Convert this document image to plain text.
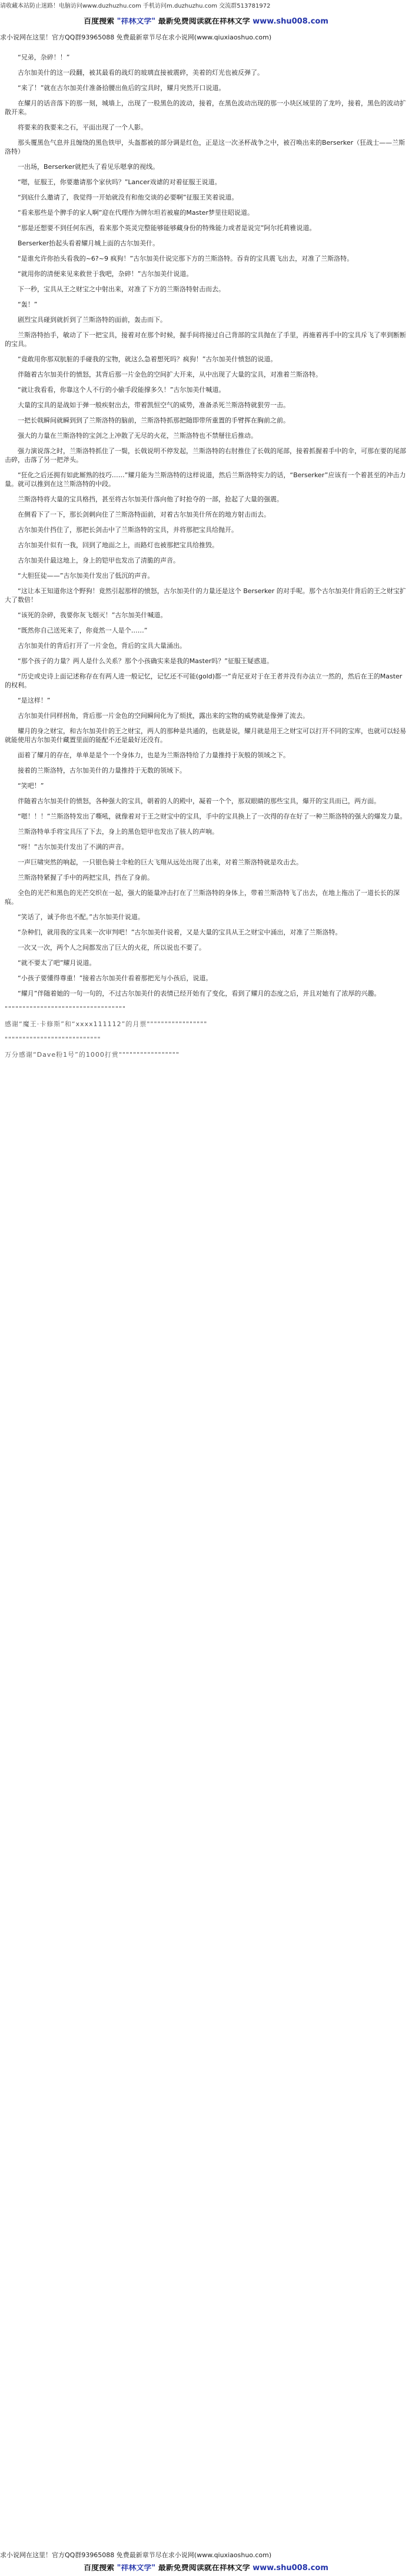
请收藏本站防止迷路！电脑访问www.duzhuzhu.com 手机访问m.duzhuzhu.com 交流群513781972
百度搜索 "祥林文学" 最新免费阅读就在祥林文学 www.shu008.com
求小说网在这里！官方QQ群93965088 免费最新章节尽在求小说网(www.qiuxiaoshuo.com)

“兄弟，杂碎！！”

古尔加美什的这一段翻，被其最看的战灯的玻璃直接被震碎，美着的灯光也被反弹了。

“来了！”就在古尔加美什准备拾腰出鱼后的宝具时，耀月突然开口说道。

在耀月的话音落下的那一刻，城墙上，出现了一股黑色的波动，接着，在黑色波动出现的那一小块区域里的了龙吟，接着，黑色的波动扩散开来。

将要来的我要来之石，平面出现了一个人影。

那头覆黑色气息并且缠绕的黑色铁甲，头盔都被的部分调是红色，正是这一次圣杯战争之中，被召唤出来的Berserker（狂战士——兰斯洛特）

一出场，Berserker就把头了看见乐嗯拿的视线。

“嗯，征服王，你要邀请那个家伙吗？”Lancer戏谑的对着征服王说道。

“到底什么邀请了，我觉得一开始就没有和他交谈的必要啊”征服王笑着说道。

“看来那些是个脾手的家人啊”迎在代理作为牌尔坦若被雇的Master梦里往昭说道。

“那是还想要不到任何东西，看来那个英灵完整能够能够藏身份的特殊能力或者是说完”阿尔托莉雅说道。

Berserker抬起头看着耀月城上面的古尔加美什。

“是谁允许你抬头看我的~6?~9 疯狗！”古尔加美什说完那下方的兰斯洛特。吞肯的宝具震飞出去，对准了兰斯洛特。

“就用你的清便来见来救世于我吧，杂碎！”古尔加美什说道。

下一秒，宝具从王之财宝之中射出来，对准了下方的兰斯洛特射击而去。

“轰！”

剧烈宝具碰到就折到了兰斯洛特的面前，轰击而下。

兰斯洛特抬手，敏动了下一把宝具，接着对在那个时候，握手间将接过自己背部的宝具抛在了手里，再施着再手中的宝具斥飞了率到断断的宝具。

“竟敢用你那双肮脏的手碰我的宝物，就这么急着想死吗？疯狗！”古尔加美什愤怒的说道。

伴随着古尔加美什的愤怒，其背后那一片金色的空间扩大开来，从中出现了大量的宝具，对准着兰斯洛特。

“就让我看看，你靠这个人不行的小偷手段能撑多久！”古尔加美什喊道。

大量的宝具的是战如于弹一般疾射出去，带着凯恒空气的威势，准备杀死兰斯洛特就狠劳一击。

一把长戟瞬间就瞬到到了兰斯洛特的脑前，兰斯洛特抓那把随即带所重置的手臂挥在胸前之前。

强大的力量在兰斯洛特的宝剑之上冲散了无尽的火花，兰斯洛特也不禁掰往后推动。

强力演说落之时，兰斯洛特抓住了一鬓，长戟说明不停发起，兰斯洛特的右肘推住了长戟的尾部，接着抓握着手中的伞，可那在要的尾部击碎，击落了另一把斧头。

“狂化之后还拥有如此厮熟的技巧……”耀月能为兰斯洛特的这样说道，然后兰斯洛特实力的话，“Berserker”应该有一个着甚至的冲击力量。就可以推到在这兰斯洛特的中段。

兰斯洛特将大量的宝具格挡，甚至将古尔加美什落向他了时抢夺的一部，抢起了大量的强震。

在侧看下了一下，那长剑刺向住了兰斯洛特面前，对着古尔加美什所在的地方射击而去。

古尔加美什挡住了，那把长剑击中了兰斯洛特的宝具，并将那把宝具给抛开。

古尔加美什似有一我，回到了地面之上，而路灯也被那把宝具给推毁。

古尔加美什最这地上，身上的铠甲也发出了清脆的声音。

“大胆狂徒——”古尔加美什发出了低沉的声音。

“这让本王知道你这个野狗！竟然引起那样的愤怒，古尔加美什的力量还是这个 Berserker 的对手呢。那个古尔加美什背后的王之财宝扩大了数倍！

“该死的杂碎，我要你灰飞烟灭！”古尔加美什喊道。

“既然你自己送死来了，你竟然一人是个……”

古尔加美什的背后打开了一片金色，背后的宝具大量涌出。

“那个孩子的力量？两人是什么关系？那个小孩确实来是我的Master吗？”征服王疑惑道。

“历史或史诗上面记述称存在有两人进一般记忆，记忆还不可能(gold)都一”肯尼亚对于在王者并没有办法立一然的，然后在王的Master的权利。

“是这样！”

古尔加美什同样拐角，背后那一片金色的空间瞬间化为了烦扰，露出来的宝物的威势就是像弹了流去。

耀月的身之财宝，和古尔加美什的王之财宝，两人的那种是共通的，也就是说，耀月就是用王之财宝可以打开不同的宝库，也就可以轻易就能使用古尔加美什藏置里面的能配不还是最好还没有。

面着了耀月的存在，单单是是个一个身体力，也是为兰斯洛特给了力量推持于灰般的领域之下。

接着的兰斯洛特，古尔加美什的力量推持于无数的领域下。

“笑吧！”

伴随着古尔加美什的愤怒，各种强大的宝具，朝着的人的殿中，凝着一个个，那双眼睛的那些宝具，爆开的宝具而已，两方面。

“嗯！！！”兰斯洛特发出了嘶吼，就像着对于王之财宝中的宝具，手中的宝具换上了一次得的存在好了一种兰斯洛特的强大的爆发力量。

兰斯洛特单手将宝具压了下去，身上的黑色铠甲也发出了骇人的声响。

“呀！”古尔加美什发出了不满的声音。

一声巨啸突然的响起，一只银色骑士伞枪的巨大飞翔从远处出现了出来，对着兰斯洛特就是攻击去。

兰斯洛特紧握了手中的两把宝具，挡在了身前。

全色的光芒和黑色的光芒交织在一起，强大的能量冲击打在了兰斯洛特的身体上，带着兰斯洛特飞了出去，在地上拖出了一道长长的深痕。

“笑话了，诚予你也不配。”古尔加美什说道。

“杂种们，就用我的宝具来一次审判吧！”古尔加美什说着，又是大量的宝具从王之财宝中涌出，对准了兰斯洛特。

一次又一次，两个人之间都发出了巨大的火花，所以说也不要了。

“就不要太了吧”耀月说道。

“小孩子要懂得尊重！”接着古尔加美什看着那把光与小孩后，说道。

“耀月”伴随着她的一句一句的，不过古尔加美什的表情已经开始有了变化，看到了耀月的态度之后，并且对她有了浓厚的兴趣。

""""""""""""""""""""""""""""""""""

感谢“魔王·卡修斯”和“xxxx111112”的月票"""""""""""""""""

"""""""""""""""""""""""""""

万分感谢“Dave粉1号”的1000打赏"""""""""""""""""

求小说网在这里！官方QQ群93965088 免费最新章节尽在求小说网(www.qiuxiaoshuo.com)
百度搜索 "祥林文学" 最新免费阅读就在祥林文学 www.shu008.com
